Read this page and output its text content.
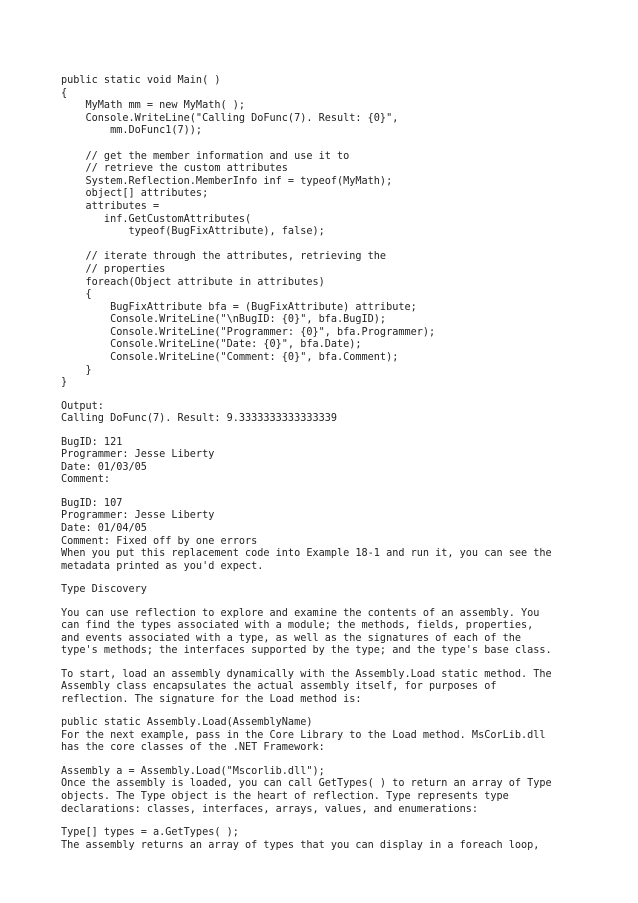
public static void Main( )
{
MyMath mm = new MyMath( );
Console.WriteLine("Calling DoFunc(7). Result: {0}",
mm.DoFunc1(7));
// get the member information and use it to
// retrieve the custom attributes
System.Reflection.MemberInfo inf = typeof(MyMath);
object[] attributes;
attributes =
inf.GetCustomAttributes(
typeof(BugFixAttribute), false);
// iterate through the attributes, retrieving the
// properties
foreach(Object attribute in attributes)
{
BugFixAttribute bfa = (BugFixAttribute) attribute;
Console.WriteLine("\nBugID: {0}", bfa.BugID);
Console.WriteLine("Programmer: {0}", bfa.Programmer);
Console.WriteLine("Date: {0}", bfa.Date);
Console.WriteLine("Comment: {0}", bfa.Comment);
}
}
Output:
Calling DoFunc(7). Result: 9.3333333333333339
BugID: 121
Programmer: Jesse Liberty
Date: 01/03/05
Comment:
BugID: 107
Programmer: Jesse Liberty
Date: 01/04/05
Comment: Fixed off by one errors
When you put this replacement code into Example 18-1 and run it, you can see the
metadata printed as you'd expect.
Type Discovery
You can use reflection to explore and examine the contents of an assembly. You
can find the types associated with a module; the methods, fields, properties,
and events associated with a type, as well as the signatures of each of the
type's methods; the interfaces supported by the type; and the type's base class.
To start, load an assembly dynamically with the Assembly.Load static method. The
Assembly class encapsulates the actual assembly itself, for purposes of
reflection. The signature for the Load method is:
public static Assembly.Load(AssemblyName)
For the next example, pass in the Core Library to the Load method. MsCorLib.dll
has the core classes of the .NET Framework:
Assembly a = Assembly.Load("Mscorlib.dll");
Once the assembly is loaded, you can call GetTypes( ) to return an array of Type
objects. The Type object is the heart of reflection. Type represents type
declarations: classes, interfaces, arrays, values, and enumerations:
Type[] types = a.GetTypes( );
The assembly returns an array of types that you can display in a foreach loop,
